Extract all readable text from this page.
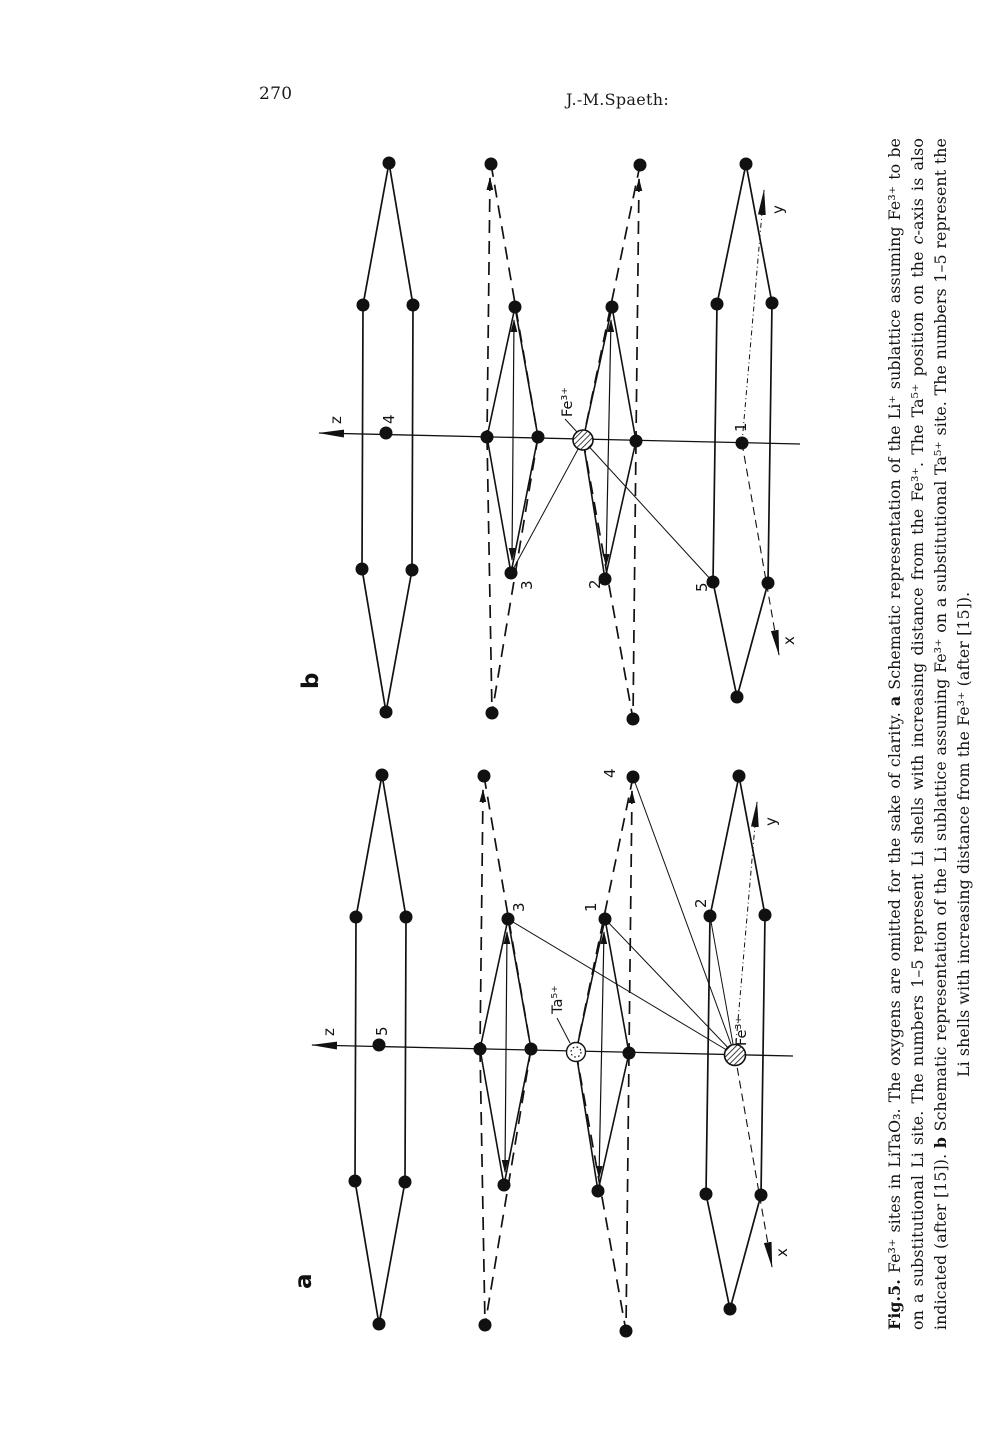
270	J.-M.Spaeth:
z 4
Fe³⁺
3	2	5
1
y
x
b
z 5
Ta⁵⁺
3	1
4
2
Fe³⁺
y
x
a	Fig.5. Fe³⁺ sites in LiTaO₃. The oxygens are omitted for the sake of clarity. a Schematic representation of the Li⁺ sublattice assuming Fe³⁺ to be on a substitutional Li site. The numbers 1–5 represent Li shells with increasing distance from the Fe³⁺. The Ta⁵⁺ position on the c-axis is also
indicated (after [15]). b Schematic representation of the Li sublattice assuming Fe³⁺ on a substitutional Ta⁵⁺ site. The numbers 1–5 represent the Li shells with increasing distance from the Fe³⁺ (after [15]).
